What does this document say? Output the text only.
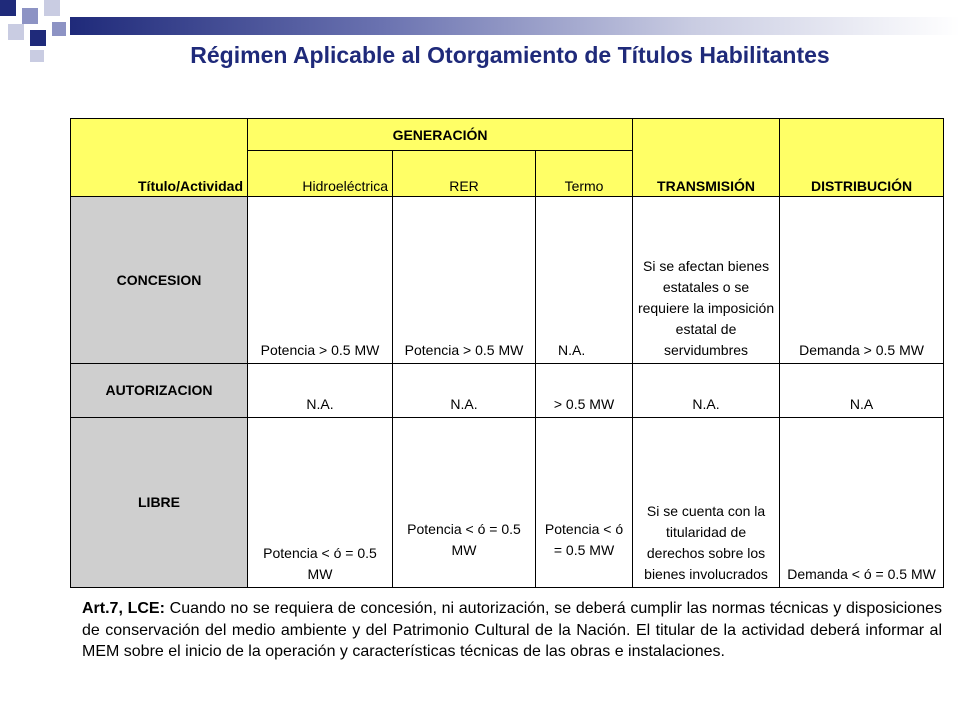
Régimen Aplicable al Otorgamiento de Títulos Habilitantes
Título/Actividad	GENERACIÓN			TRANSMISIÓN	DISTRIBUCIÓN
	Hidroeléctrica	RER	Termo		
CONCESION	Potencia > 0.5 MW	Potencia > 0.5 MW	N.A.	Si se afectan bienes estatales o se requiere la imposición estatal de servidumbres	Demanda > 0.5 MW
AUTORIZACION	N.A.	N.A.	> 0.5 MW	N.A.	N.A
LIBRE	Potencia < ó = 0.5 MW	Potencia < ó = 0.5 MW	Potencia < ó = 0.5 MW	Si se cuenta con la titularidad de derechos sobre los bienes involucrados	Demanda < ó = 0.5 MW
Art.7, LCE: Cuando no se requiera de concesión, ni autorización, se deberá cumplir las normas técnicas y disposiciones de conservación del medio ambiente y del Patrimonio Cultural de la Nación. El titular de la actividad deberá informar al MEM sobre el inicio de la operación y características técnicas de las obras e instalaciones.
